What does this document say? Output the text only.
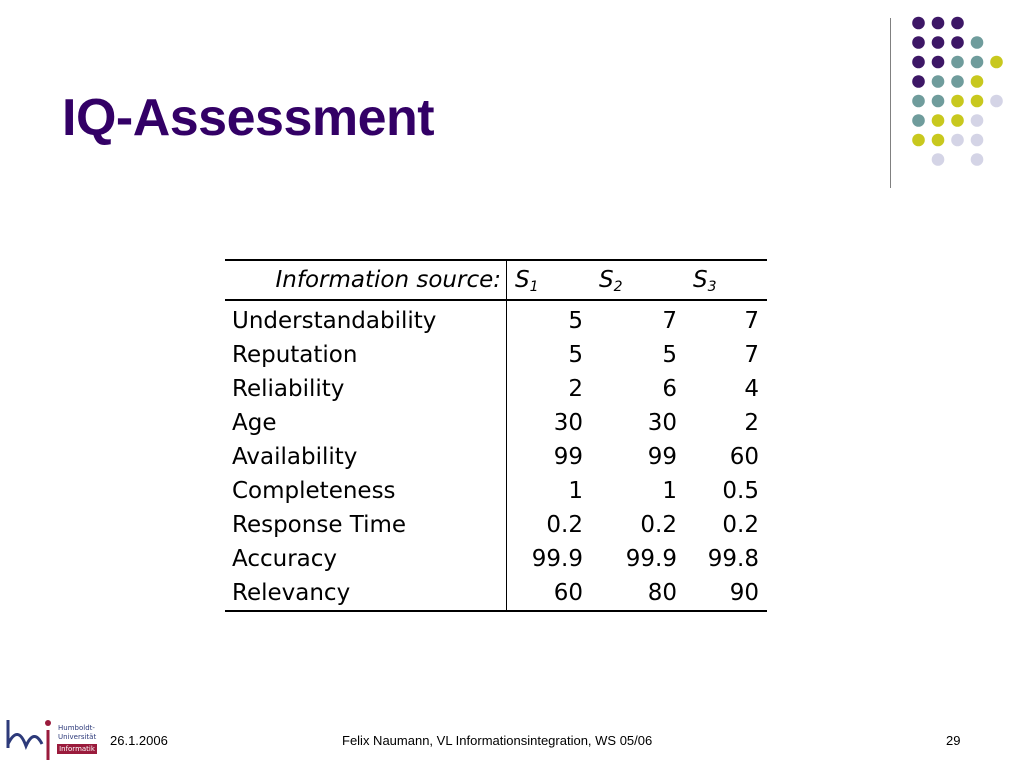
IQ-Assessment
Information source:	$S_1$	$S_2$	$S_3$
Understandability	5	7	7
Reputation	5	5	7
Reliability	2	6	4
Age	30	30	2
Availability	99	99	60
Completeness	1	1	0.5
Response Time	0.2	0.2	0.2
Accuracy	99.9	99.9	99.8
Relevancy	60	80	90
Humboldt-
Universität
Informatik
26.1.2006	Felix Naumann, VL Informationsintegration, WS 05/06	29
